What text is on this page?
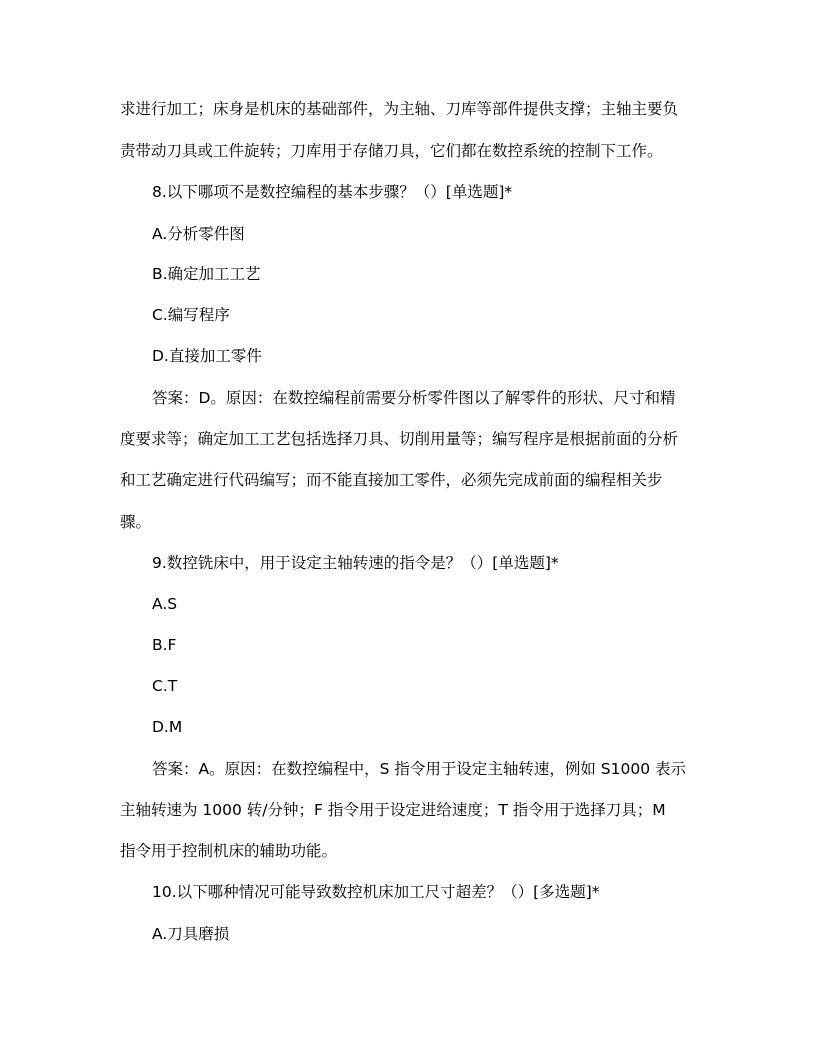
求进行加工；床身是机床的基础部件，为主轴、刀库等部件提供支撑；主轴主要负
责带动刀具或工件旋转；刀库用于存储刀具，它们都在数控系统的控制下工作。
8.以下哪项不是数控编程的基本步骤？（）[单选题]*
A.分析零件图
B.确定加工工艺
C.编写程序
D.直接加工零件
答案：D。原因：在数控编程前需要分析零件图以了解零件的形状、尺寸和精
度要求等；确定加工工艺包括选择刀具、切削用量等；编写程序是根据前面的分析
和工艺确定进行代码编写；而不能直接加工零件，必须先完成前面的编程相关步
骤。
9.数控铣床中，用于设定主轴转速的指令是？（）[单选题]*
A.S
B.F
C.T
D.M
答案：A。原因：在数控编程中，S 指令用于设定主轴转速，例如 S1000 表示
主轴转速为 1000 转/分钟；F 指令用于设定进给速度；T 指令用于选择刀具；M
指令用于控制机床的辅助功能。
10.以下哪种情况可能导致数控机床加工尺寸超差？（）[多选题]*
A.刀具磨损
